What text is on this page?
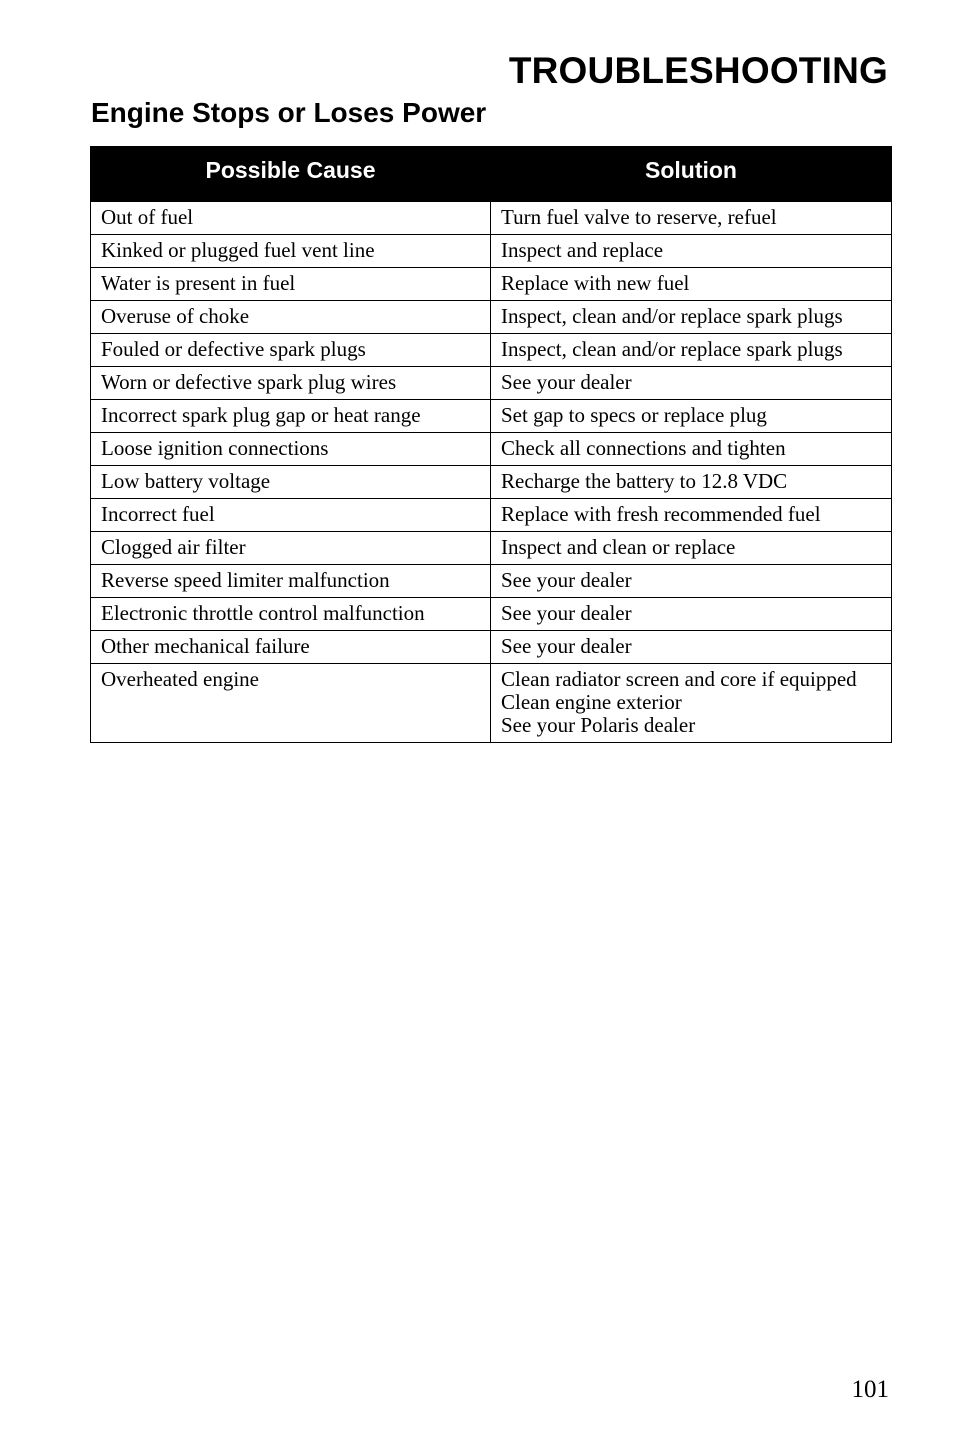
TROUBLESHOOTING
Engine Stops or Loses Power
Possible Cause	Solution
Out of fuel	Turn fuel valve to reserve, refuel

Kinked or plugged fuel vent line	Inspect and replace

Water is present in fuel	Replace with new fuel

Overuse of choke	Inspect, clean and/or replace spark plugs

Fouled or defective spark plugs	Inspect, clean and/or replace spark plugs

Worn or defective spark plug wires	See your dealer

Incorrect spark plug gap or heat range	Set gap to specs or replace plug

Loose ignition connections	Check all connections and tighten

Low battery voltage	Recharge the battery to 12.8 VDC

Incorrect fuel	Replace with fresh recommended fuel

Clogged air filter	Inspect and clean or replace

Reverse speed limiter malfunction	See your dealer

Electronic throttle control malfunction	See your dealer

Other mechanical failure	See your dealer

Overheated engine	Clean radiator screen and core if equipped
Clean engine exterior
See your Polaris dealer
101
